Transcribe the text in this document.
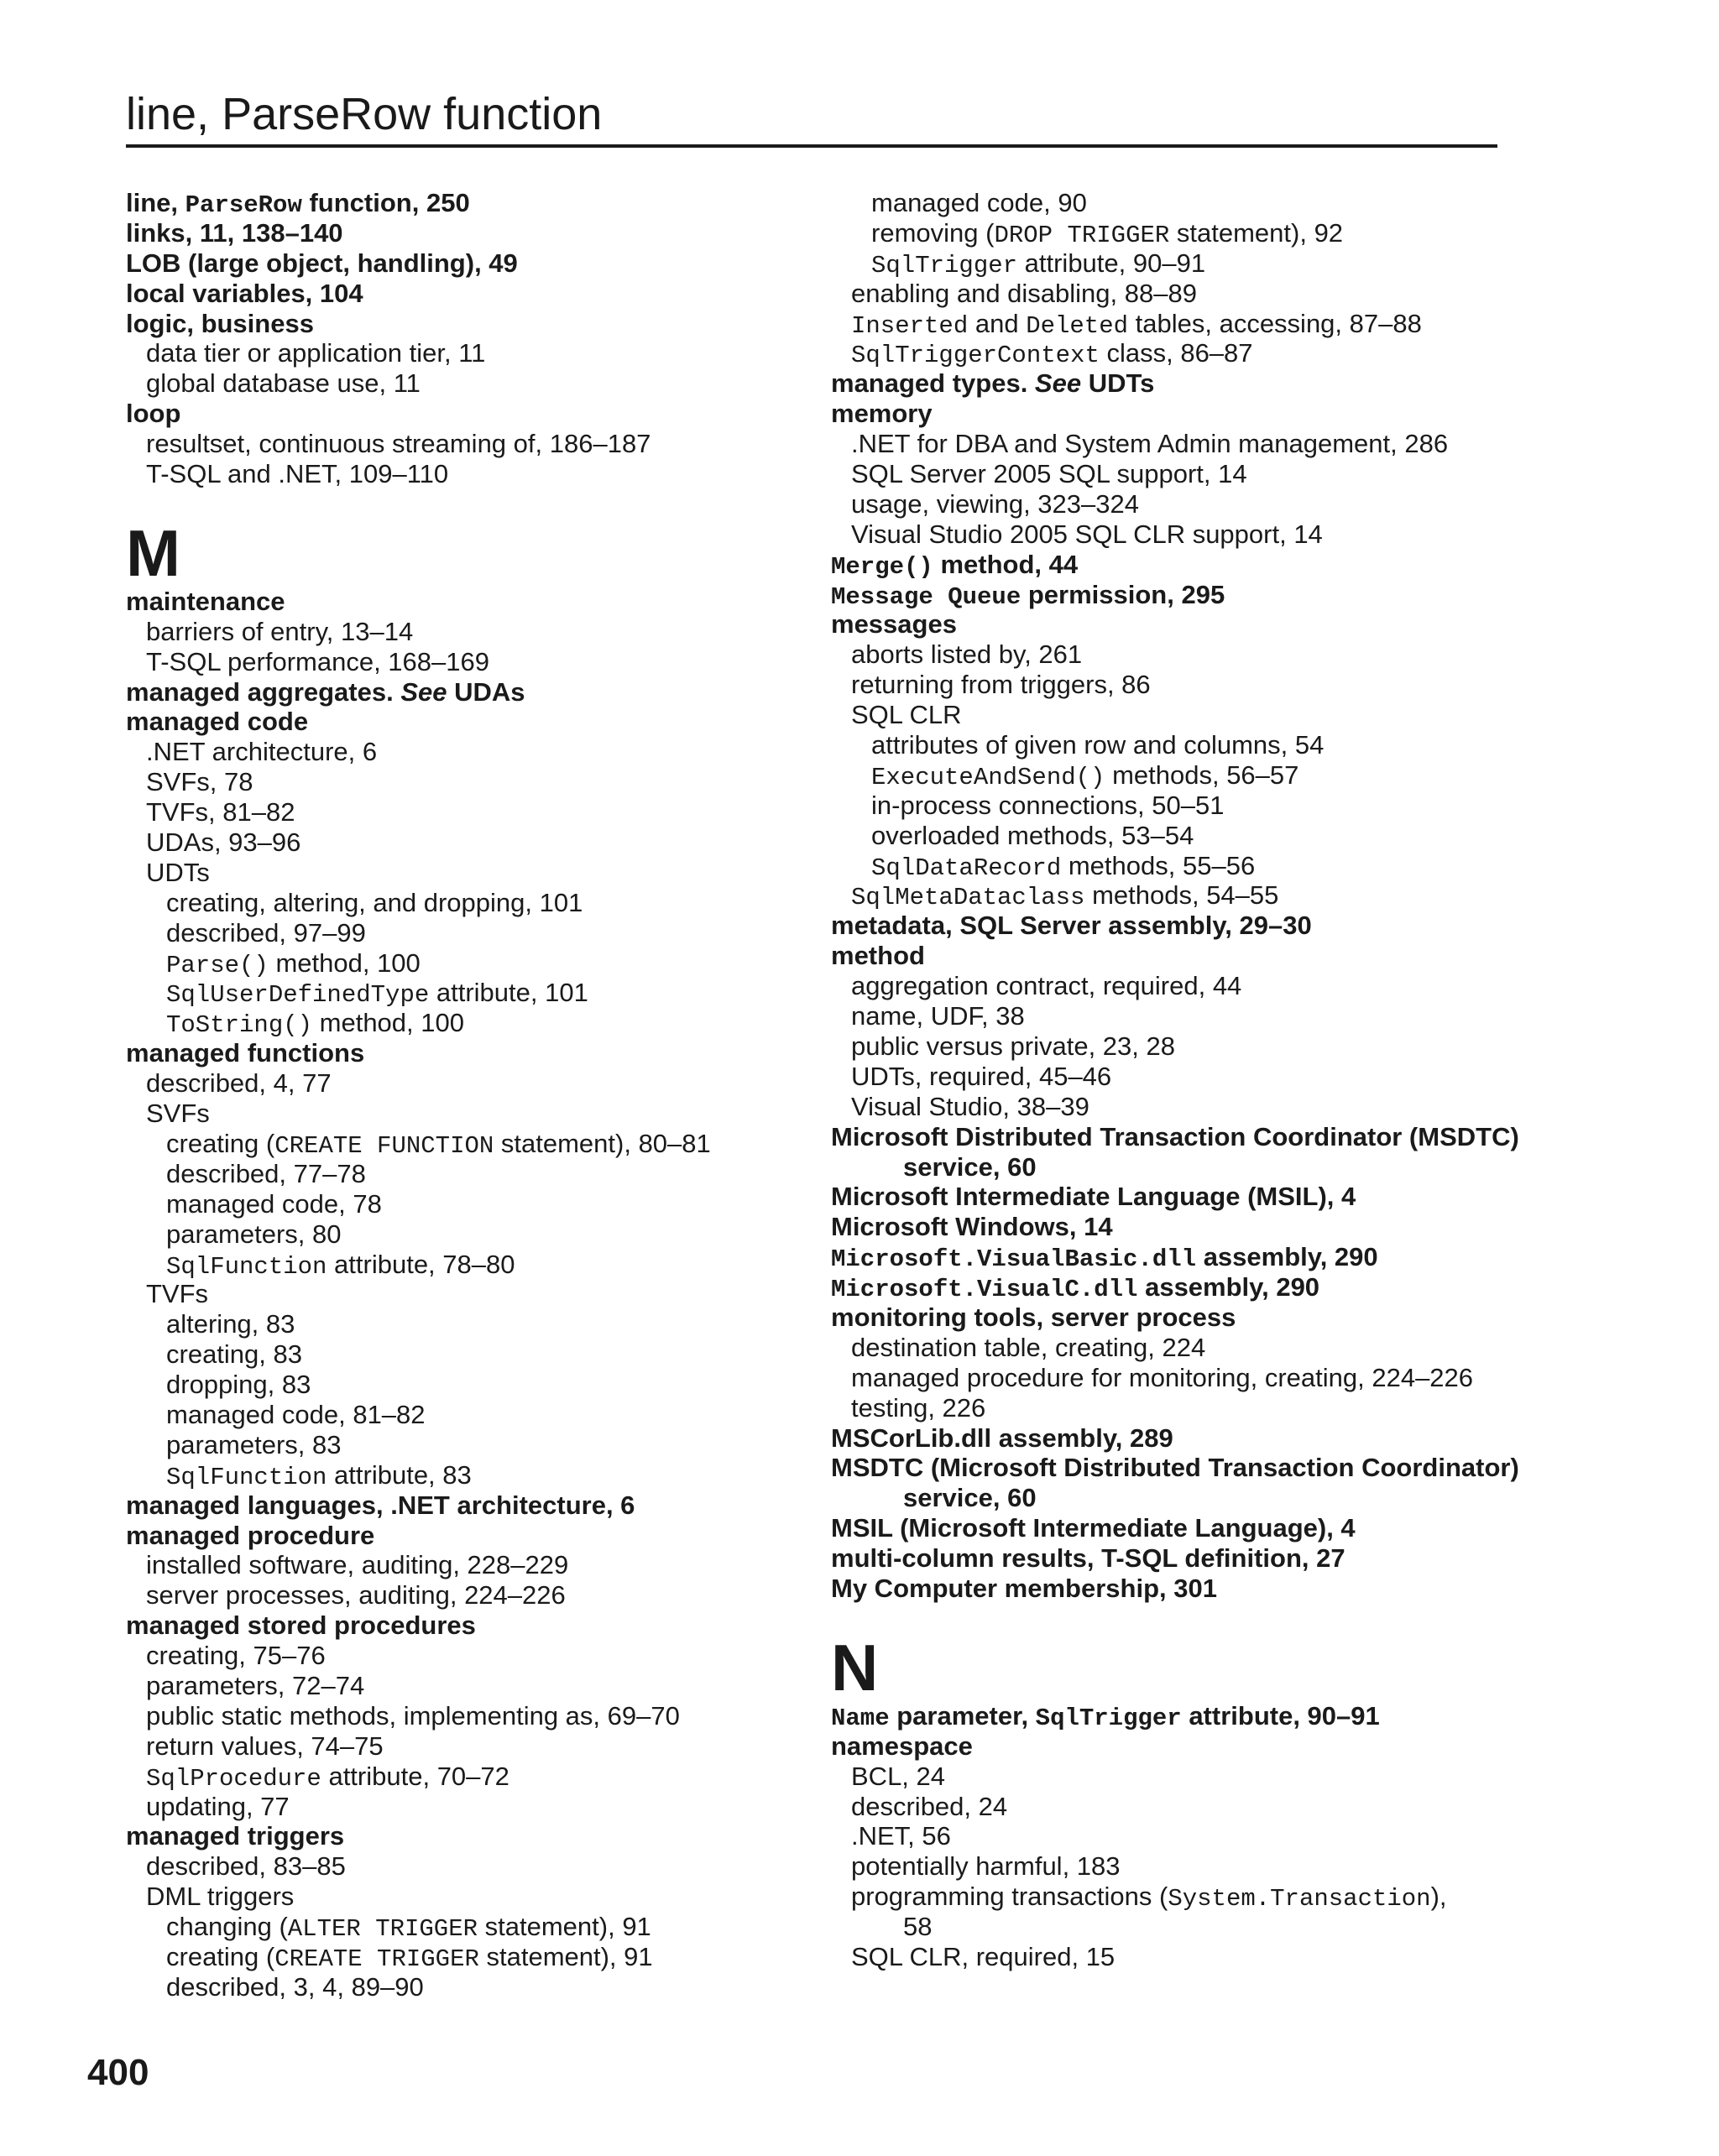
line, ParseRow function
line, ParseRow function, 250
links, 11, 138–140
LOB (large object, handling), 49
local variables, 104
logic, business
data tier or application tier, 11
global database use, 11
loop
resultset, continuous streaming of, 186–187
T-SQL and .NET, 109–110
M
maintenance
barriers of entry, 13–14
T-SQL performance, 168–169
managed aggregates. See UDAs
managed code
.NET architecture, 6
SVFs, 78
TVFs, 81–82
UDAs, 93–96
UDTs
creating, altering, and dropping, 101
described, 97–99
Parse() method, 100
SqlUserDefinedType attribute, 101
ToString() method, 100
managed functions
described, 4, 77
SVFs
creating (CREATE FUNCTION statement), 80–81
described, 77–78
managed code, 78
parameters, 80
SqlFunction attribute, 78–80
TVFs
altering, 83
creating, 83
dropping, 83
managed code, 81–82
parameters, 83
SqlFunction attribute, 83
managed languages, .NET architecture, 6
managed procedure
installed software, auditing, 228–229
server processes, auditing, 224–226
managed stored procedures
creating, 75–76
parameters, 72–74
public static methods, implementing as, 69–70
return values, 74–75
SqlProcedure attribute, 70–72
updating, 77
managed triggers
described, 83–85
DML triggers
changing (ALTER TRIGGER statement), 91
creating (CREATE TRIGGER statement), 91
described, 3, 4, 89–90
managed code, 90
removing (DROP TRIGGER statement), 92
SqlTrigger attribute, 90–91
enabling and disabling, 88–89
Inserted and Deleted tables, accessing, 87–88
SqlTriggerContext class, 86–87
managed types. See UDTs
memory
.NET for DBA and System Admin management, 286
SQL Server 2005 SQL support, 14
usage, viewing, 323–324
Visual Studio 2005 SQL CLR support, 14
Merge() method, 44
Message Queue permission, 295
messages
aborts listed by, 261
returning from triggers, 86
SQL CLR
attributes of given row and columns, 54
ExecuteAndSend() methods, 56–57
in-process connections, 50–51
overloaded methods, 53–54
SqlDataRecord methods, 55–56
SqlMetaDataclass methods, 54–55
metadata, SQL Server assembly, 29–30
method
aggregation contract, required, 44
name, UDF, 38
public versus private, 23, 28
UDTs, required, 45–46
Visual Studio, 38–39
Microsoft Distributed Transaction Coordinator (MSDTC)
service, 60
Microsoft Intermediate Language (MSIL), 4
Microsoft Windows, 14
Microsoft.VisualBasic.dll assembly, 290
Microsoft.VisualC.dll assembly, 290
monitoring tools, server process
destination table, creating, 224
managed procedure for monitoring, creating, 224–226
testing, 226
MSCorLib.dll assembly, 289
MSDTC (Microsoft Distributed Transaction Coordinator)
service, 60
MSIL (Microsoft Intermediate Language), 4
multi-column results, T-SQL definition, 27
My Computer membership, 301
N
Name parameter, SqlTrigger attribute, 90–91
namespace
BCL, 24
described, 24
.NET, 56
potentially harmful, 183
programming transactions (System.Transaction),
58
SQL CLR, required, 15
400
